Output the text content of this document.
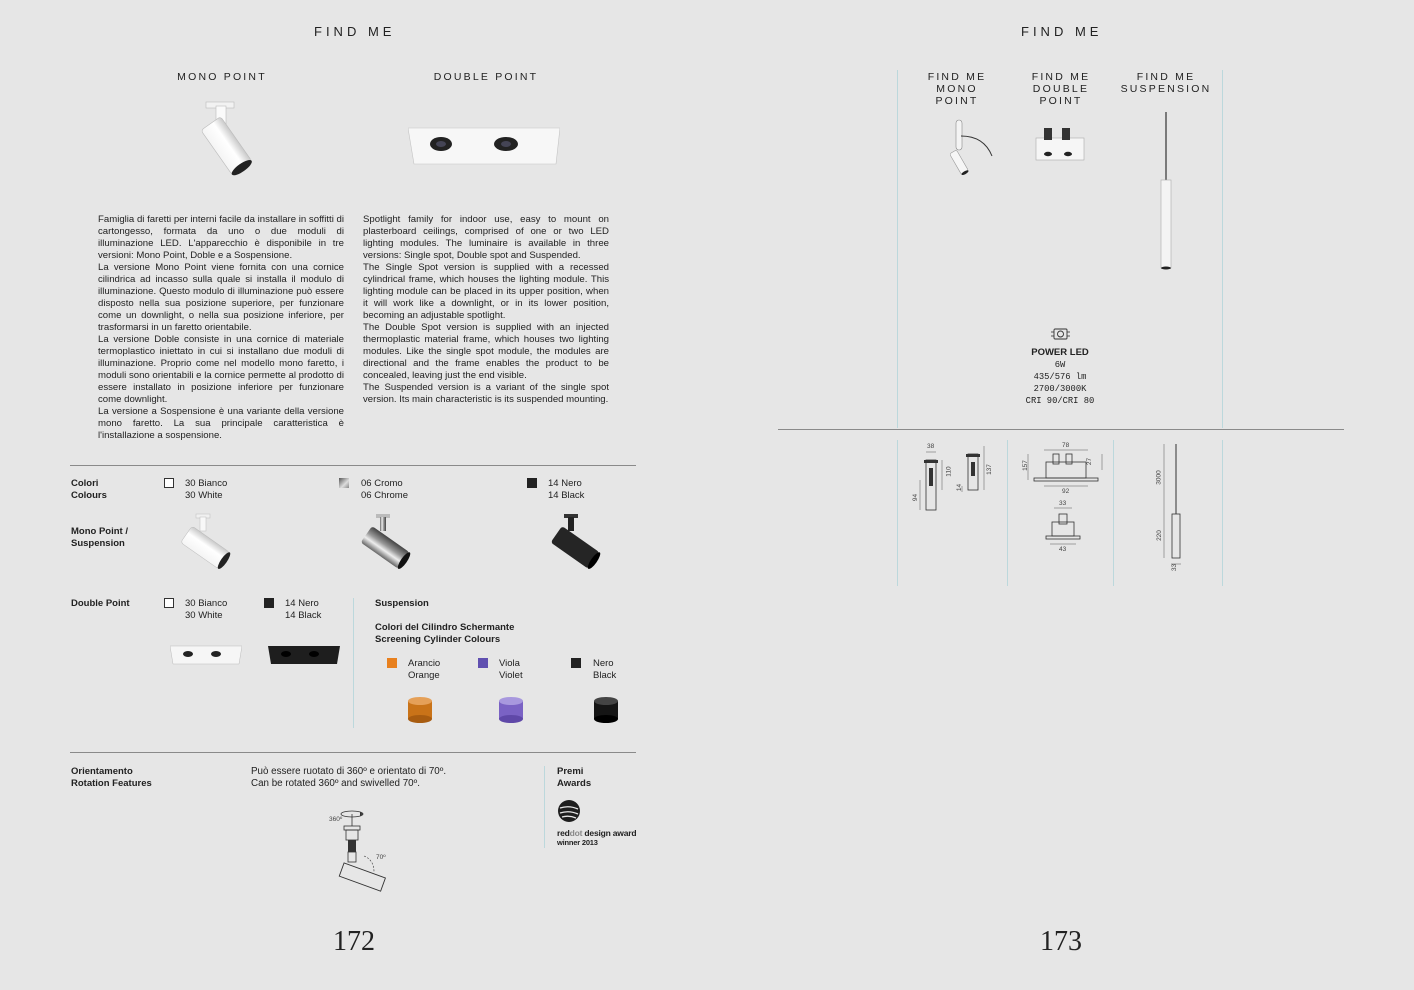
FIND ME
MONO POINT	DOUBLE POINT

Famiglia di faretti per interni facile da installare in soffitti di cartongesso, formata da uno o due moduli di illuminazione LED. L'apparecchio è disponibile in tre versioni: Mono Point, Doble e a Sospensione.

La versione Mono Point viene fornita con una cornice cilindrica ad incasso sulla quale si installa il modulo di illuminazione. Questo modulo di illuminazione può essere disposto nella sua posizione superiore, per funzionare come un downlight, o nella sua posizione inferiore, per trasformarsi in un faretto orientabile.

La versione Doble consiste in una cornice di materiale termoplastico iniettato in cui si installano due moduli di illuminazione. Proprio come nel modello mono faretto, i moduli sono orientabili e la cornice permette al prodotto di essere installato in posizione inferiore per funzionare come downlight.

La versione a Sospensione è una variante della versione mono faretto. La sua principale caratteristica è l'installazione a sospensione.

Spotlight family for indoor use, easy to mount on plasterboard ceilings, comprised of one or two LED lighting modules. The luminaire is available in three versions: Single spot, Double spot and Suspended.

The Single Spot version is supplied with a recessed cylindrical frame, which houses the lighting module. This lighting module can be placed in its upper position, when it will work like a downlight, or in its lower position, becoming an adjustable spotlight.

The Double Spot version is supplied with an injected thermoplastic material frame, which houses two lighting modules. Like the single spot module, the modules are directional and the frame enables the product to be concealed, leaving just the end visible.

The Suspended version is a variant of the single spot version. Its main characteristic is its suspended mounting.

Colori
Colours
30 Bianco
30 White
06 Cromo
06 Chrome
14 Nero
14 Black
Mono Point /
Suspension
Double Point	30 Bianco
30 White
14 Nero
14 Black
Suspension
Colori del Cilindro Schermante
Screening Cylinder Colours
Arancio
Orange
Viola
Violet
Nero
Black
Orientamento
Rotation Features
Può essere ruotato di 360º e orientato di 70º.
Can be rotated 360º and swivelled 70º.
360º
70º
Premi
Awards
reddot design award
winner 2013
172
FIND ME
FIND ME
MONO
POINT
FIND ME
DOUBLE
POINT
FIND ME
SUSPENSION
POWER LED
6W
435/576 lm
2700/3000K
CRI 90/CRI 80
38
110
94
14
137
78
157	27
92
33
43
3000
220
33
173
